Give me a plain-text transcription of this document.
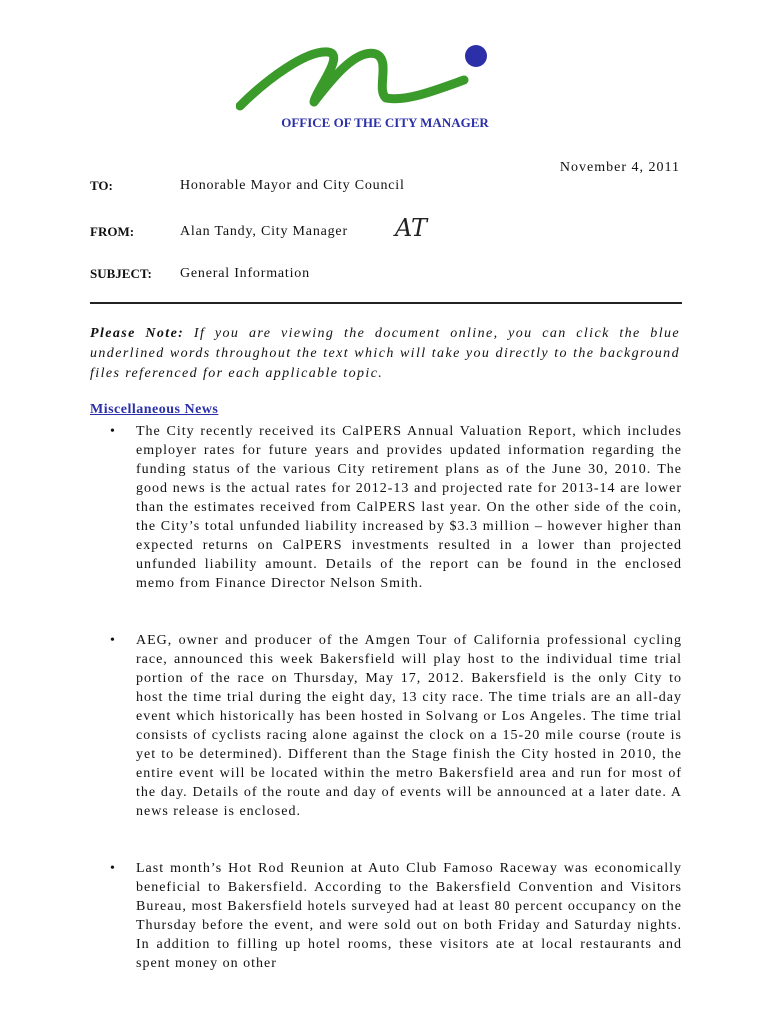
OFFICE OF THE CITY MANAGER
November 4, 2011
TO:	Honorable Mayor and City Council
FROM:	Alan Tandy, City Manager AT
SUBJECT: General Information
Please Note: If you are viewing the document online, you can click the blue underlined words throughout the text which will take you directly to the background files referenced for each applicable topic.
Miscellaneous News
• The City recently received its CalPERS Annual Valuation Report, which includes employer rates for future years and provides updated information regarding the funding status of the various City retirement plans as of the June 30, 2010. The good news is the actual rates for 2012-13 and projected rate for 2013-14 are lower than the estimates received from CalPERS last year. On the other side of the coin, the City’s total unfunded liability increased by $3.3 million – however higher than expected returns on CalPERS investments resulted in a lower than projected unfunded liability amount. Details of the report can be found in the enclosed memo from Finance Director Nelson Smith.
• AEG, owner and producer of the Amgen Tour of California professional cycling race, announced this week Bakersfield will play host to the individual time trial portion of the race on Thursday, May 17, 2012. Bakersfield is the only City to host the time trial during the eight day, 13 city race. The time trials are an all-day event which historically has been hosted in Solvang or Los Angeles. The time trial consists of cyclists racing alone against the clock on a 15-20 mile course (route is yet to be determined). Different than the Stage finish the City hosted in 2010, the entire event will be located within the metro Bakersfield area and run for most of the day. Details of the route and day of events will be announced at a later date. A news release is enclosed.
• Last month’s Hot Rod Reunion at Auto Club Famoso Raceway was economically beneficial to Bakersfield. According to the Bakersfield Convention and Visitors Bureau, most Bakersfield hotels surveyed had at least 80 percent occupancy on the Thursday before the event, and were sold out on both Friday and Saturday nights. In addition to filling up hotel rooms, these visitors ate at local restaurants and spent money on other
